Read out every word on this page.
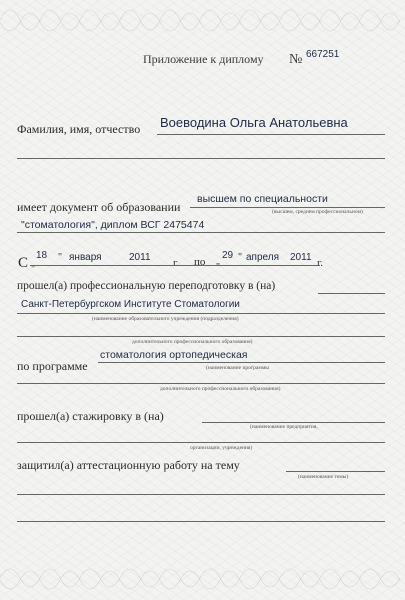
Приложение к диплому № 667251
Фамилия, имя, отчество Воеводина Ольга Анатольевна
имеет документ об образовании
высшем по специальности
(высшем, среднем профессиональном)
"стоматология", диплом ВСГ 2475474
С "
18 " января	2011 г. по "
29 " апреля 2011 г.
прошел(а) профессиональную переподготовку в (на)
Санкт-Петербургском Институте Стоматологии
(наименование образовательного учреждения (подразделения)
дополнительного профессионального образования)
по программе
стоматология ортопедическая
(наименование программы
дополнительного профессионального образования)
прошел(а) стажировку в (на)
(наименование предприятия,
организации, учреждения)
защитил(а) аттестационную работу на тему
(наименование темы)
